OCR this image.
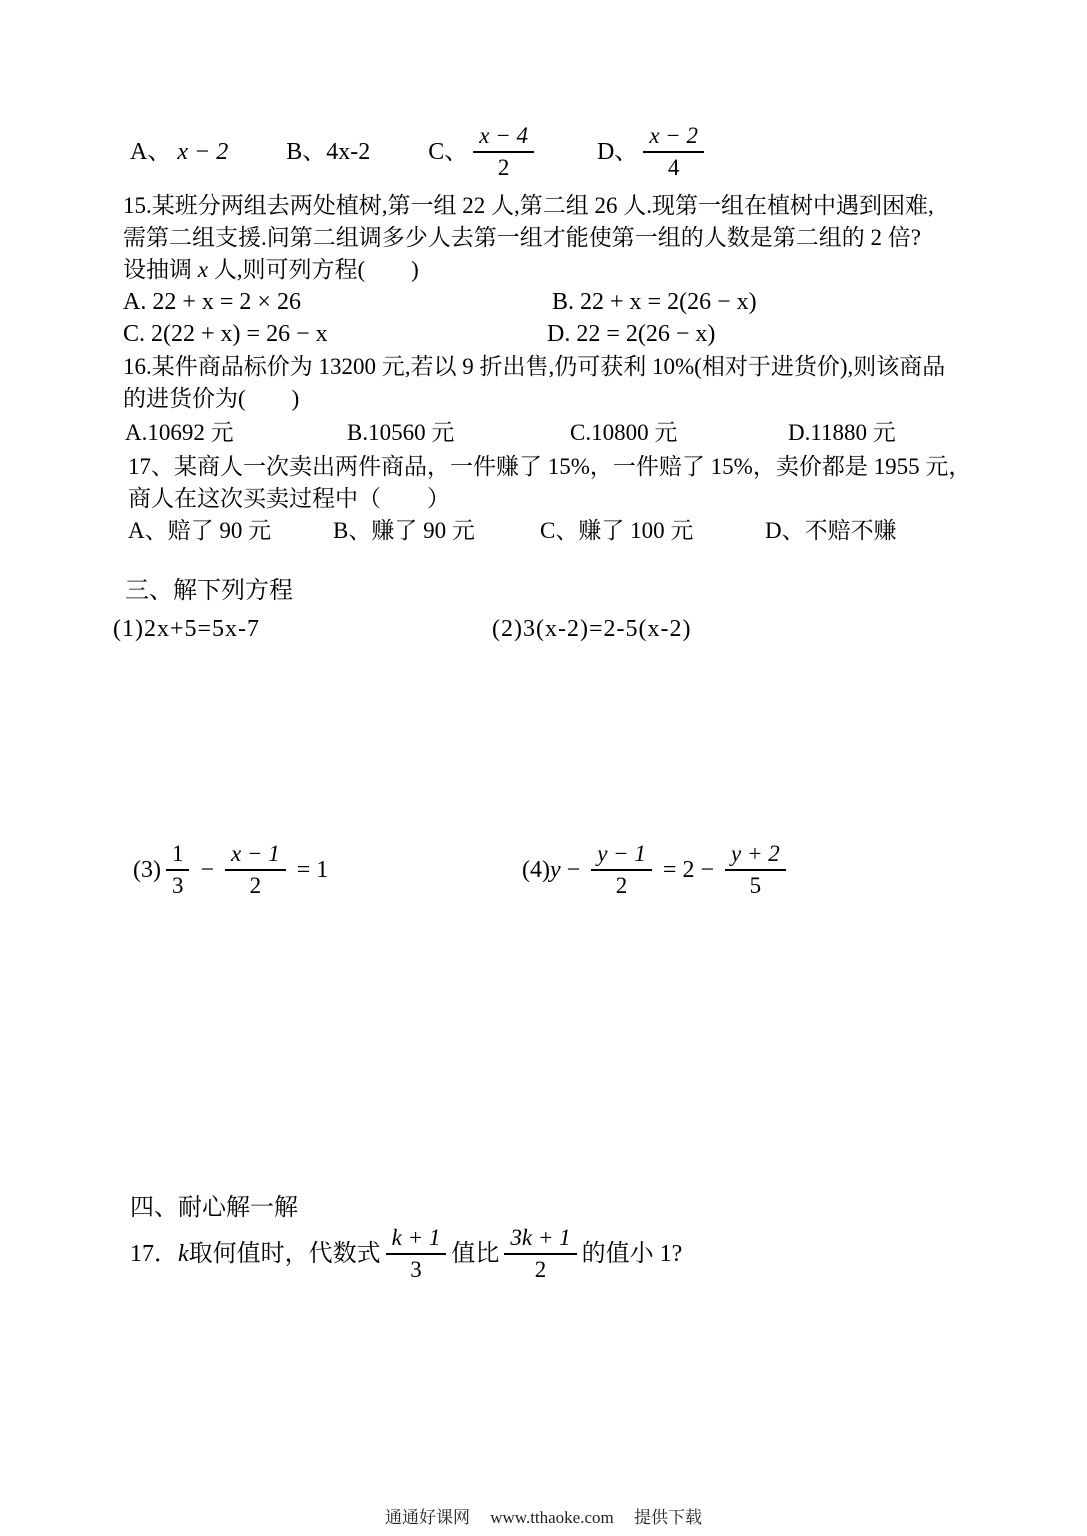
A、 x − 2 B、 4x-2 C、 $\frac{x - 4}{2}$	D、 $\frac{x - 2}{4}$
15.某班分两组去两处植树,第一组 22 人,第二组 26 人.现第一组在植树中遇到困难,
需第二组支援.问第二组调多少人去第一组才能使第一组的人数是第二组的 2 倍?
设抽调 x 人,则可列方程(　　)
A. 22 + x = 2 × 26	B. 22 + x = 2(26 − x)
C. 2(22 + x) = 26 − x	D. 22 = 2(26 − x)
16.某件商品标价为 13200 元,若以 9 折出售,仍可获利 10%(相对于进货价),则该商品
的进货价为(　　)
A.10692 元	B.10560 元	C.10800 元	D.11880 元
17、某商人一次卖出两件商品，一件赚了 15%，一件赔了 15%，卖价都是 1955 元，
商人在这次买卖过程中（　　）
A、赔了 90 元	B、赚了 90 元	C、赚了 100 元	D、不赔不赚
三、解下列方程
(1)2x+5=5x-7	(2)3(x-2)=2-5(x-2)
$(3) \frac{1}{3} - \frac{x - 1}{2} = 1$	(4) $y - \frac{y - 1}{2} = 2 - \frac{y + 2}{5}$
四、耐心解一解
17． k 取何值时，代数式 $\frac{k + 1}{3}$ 值比 $\frac{3k + 1}{2}$ 的值小 1?
通通好课网 www.tthaoke.com 提供下载
